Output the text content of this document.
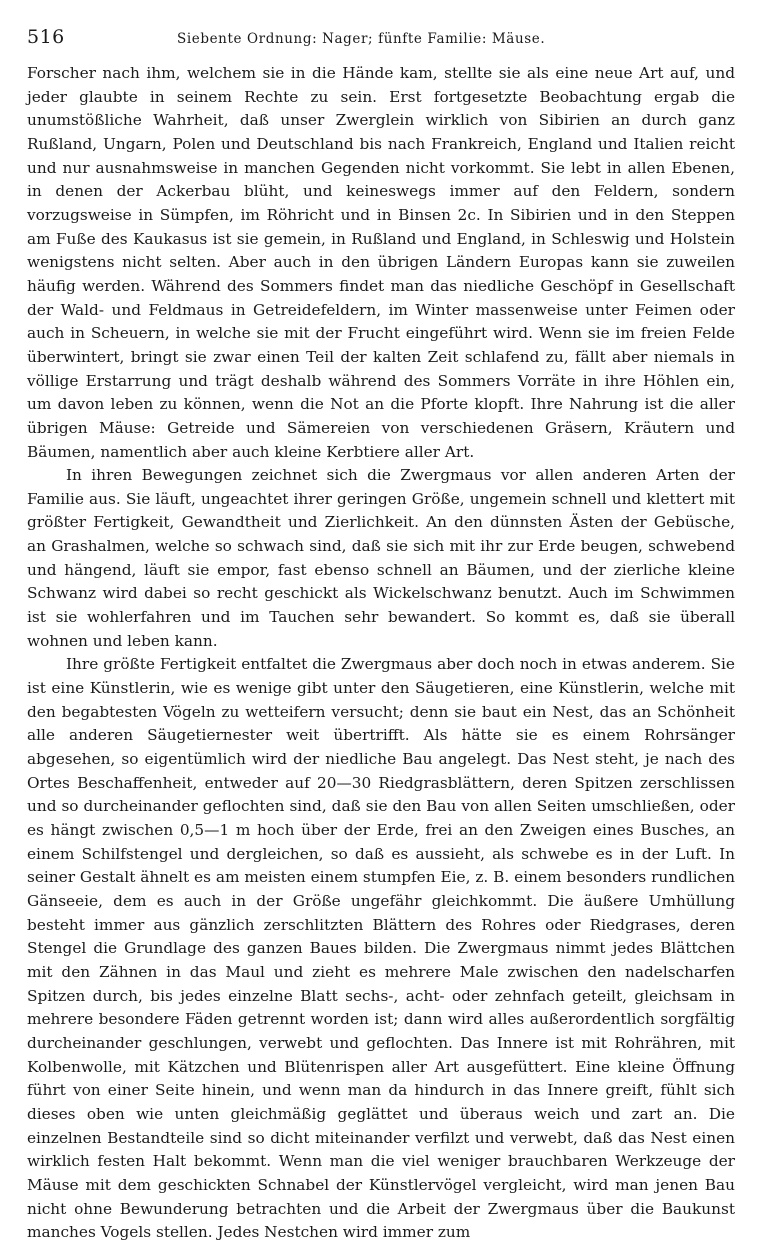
516	Siebente Ordnung: Nager; fünfte Familie: Mäuse.

Forscher nach ihm, welchem sie in die Hände kam, stellte sie als eine neue Art auf, und jeder glaubte in seinem Rechte zu sein. Erst fortgesetzte Beobachtung ergab die unumstößliche Wahrheit, daß unser Zwerglein wirklich von Sibirien an durch ganz Rußland, Ungarn, Polen und Deutschland bis nach Frankreich, England und Italien reicht und nur ausnahmsweise in manchen Gegenden nicht vorkommt. Sie lebt in allen Ebenen, in denen der Ackerbau blüht, und keineswegs immer auf den Feldern, sondern vorzugsweise in Sümpfen, im Röhricht und in Binsen 2c. In Sibirien und in den Steppen am Fuße des Kaukasus ist sie gemein, in Rußland und England, in Schleswig und Holstein wenigstens nicht selten. Aber auch in den übrigen Ländern Europas kann sie zuweilen häufig werden. Während des Sommers findet man das niedliche Geschöpf in Gesellschaft der Wald- und Feldmaus in Getreidefeldern, im Winter massenweise unter Feimen oder auch in Scheuern, in welche sie mit der Frucht eingeführt wird. Wenn sie im freien Felde überwintert, bringt sie zwar einen Teil der kalten Zeit schlafend zu, fällt aber niemals in völlige Erstarrung und trägt deshalb während des Sommers Vorräte in ihre Höhlen ein, um davon leben zu können, wenn die Not an die Pforte klopft. Ihre Nahrung ist die aller übrigen Mäuse: Getreide und Sämereien von verschiedenen Gräsern, Kräutern und Bäumen, namentlich aber auch kleine Kerbtiere aller Art.

In ihren Bewegungen zeichnet sich die Zwergmaus vor allen anderen Arten der Familie aus. Sie läuft, ungeachtet ihrer geringen Größe, ungemein schnell und klettert mit größter Fertigkeit, Gewandtheit und Zierlichkeit. An den dünnsten Ästen der Gebüsche, an Grashalmen, welche so schwach sind, daß sie sich mit ihr zur Erde beugen, schwebend und hängend, läuft sie empor, fast ebenso schnell an Bäumen, und der zierliche kleine Schwanz wird dabei so recht geschickt als Wickelschwanz benutzt. Auch im Schwimmen ist sie wohlerfahren und im Tauchen sehr bewandert. So kommt es, daß sie überall wohnen und leben kann.

Ihre größte Fertigkeit entfaltet die Zwergmaus aber doch noch in etwas anderem. Sie ist eine Künstlerin, wie es wenige gibt unter den Säugetieren, eine Künstlerin, welche mit den begabtesten Vögeln zu wetteifern versucht; denn sie baut ein Nest, das an Schönheit alle anderen Säugetiernester weit übertrifft. Als hätte sie es einem Rohrsänger abgesehen, so eigentümlich wird der niedliche Bau angelegt. Das Nest steht, je nach des Ortes Beschaffenheit, entweder auf 20—30 Riedgrasblättern, deren Spitzen zerschlissen und so durcheinander geflochten sind, daß sie den Bau von allen Seiten umschließen, oder es hängt zwischen 0,5—1 m hoch über der Erde, frei an den Zweigen eines Busches, an einem Schilfstengel und dergleichen, so daß es aussieht, als schwebe es in der Luft. In seiner Gestalt ähnelt es am meisten einem stumpfen Eie, z. B. einem besonders rundlichen Gänseeie, dem es auch in der Größe ungefähr gleichkommt. Die äußere Umhüllung besteht immer aus gänzlich zerschlitzten Blättern des Rohres oder Riedgrases, deren Stengel die Grundlage des ganzen Baues bilden. Die Zwergmaus nimmt jedes Blättchen mit den Zähnen in das Maul und zieht es mehrere Male zwischen den nadelscharfen Spitzen durch, bis jedes einzelne Blatt sechs-, acht- oder zehnfach geteilt, gleichsam in mehrere besondere Fäden getrennt worden ist; dann wird alles außerordentlich sorgfältig durcheinander geschlungen, verwebt und geflochten. Das Innere ist mit Rohrähren, mit Kolbenwolle, mit Kätzchen und Blütenrispen aller Art ausgefüttert. Eine kleine Öffnung führt von einer Seite hinein, und wenn man da hindurch in das Innere greift, fühlt sich dieses oben wie unten gleichmäßig geglättet und überaus weich und zart an. Die einzelnen Bestandteile sind so dicht miteinander verfilzt und verwebt, daß das Nest einen wirklich festen Halt bekommt. Wenn man die viel weniger brauchbaren Werkzeuge der Mäuse mit dem geschickten Schnabel der Künstlervögel vergleicht, wird man jenen Bau nicht ohne Bewunderung betrachten und die Arbeit der Zwergmaus über die Baukunst manches Vogels stellen. Jedes Nestchen wird immer zum
